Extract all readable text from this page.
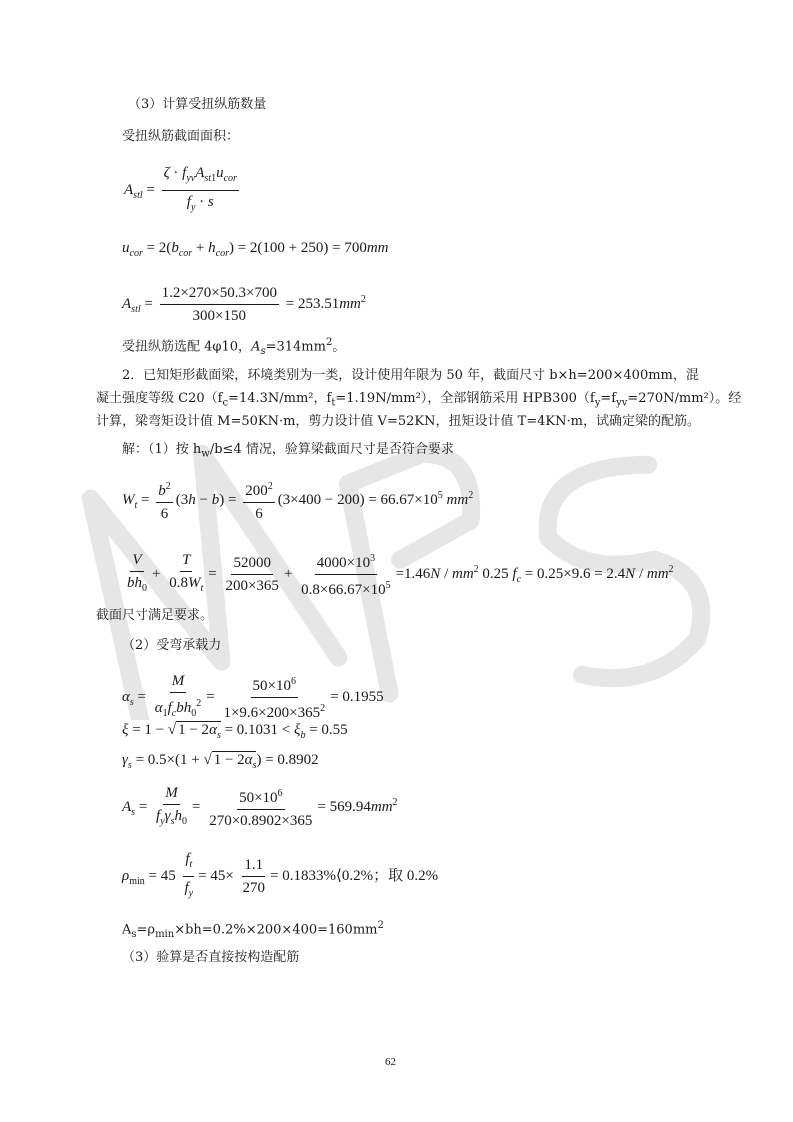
（3）计算受扭纵筋数量
受扭纵筋截面面积：
$A_{stl} = \frac{\zeta \cdot f_{yv}A_{st1}u_{cor}}{f_y \cdot s}$
$u_{cor} = 2(b_{cor} + h_{cor}) = 2(100 + 250) = 700mm$
$A_{stl} = \frac{1.2\times 270\times 50.3\times 700}{300\times 150} = 253.51mm^2$
受扭纵筋选配 4φ10，$A_s=314mm^2$。
2．已知矩形截面梁，环境类别为一类，设计使用年限为 50 年，截面尺寸 b×h=200×400mm，混
凝土强度等级 $C20(f_c=14.3N$/mm²，$f_t=1.19N/mm^2$），全部钢筋采用 $HPB300(f_y=f_{yv}=270N/mm^2)$。经
计算，梁弯矩设计值 M=50KN·m，剪力设计值 V=52KN，扭矩设计值 T=4KN·m，试确定梁的配筋。
解：（1）按 $h_w/b\le 4$ 情况，验算梁截面尺寸是否符合要求
$W_t = \frac{b^2}{6} (3h - b) = \frac{200^2}{6} (3\times 400 - 200) = 66.67\times 10^5$ $mm^2$
$\frac{V}{bh_0} + \frac{T}{0.8W_t} = \frac{52000}{200\times 365} + \frac{4000\times 10^3}{0.8\times 66.67\times 10^5} =1.46N / mm^2$ 0.25 $f_c = 0.25\times 9.6 = 2.4N / mm^2$
截面尺寸满足要求。
（2）受弯承载力
$\alpha_s = \frac{M}{\alpha_1f_cbh_0^2} = \frac{50\times 10^6}{1\times 9.6\times 200\times 365^2} = 0.1955$
ξ = 1 − √ $1 - 2\alpha_s = 0.1031 < \xi_b = 0.55$
$\gamma_s = 0.5\times(1$ + √ $1 - 2\alpha_s) = 0.8902$
$A_s = \frac{M}{f_y\gamma_sh_0} = \frac{50\times 10^6}{270\times 0.8902\times 365} = 569.94mm^2$
$\rho_{min} = 45 \frac{f_t}{f_y} = 45\times \frac{1.1}{270}$ = 0.1833%⟨0.2%；取 0.2%
$A_s=\rho_{min}\times bh=0.2\%\times 200\times 400=160mm^2$
（3）验算是否直接按构造配筋
62
